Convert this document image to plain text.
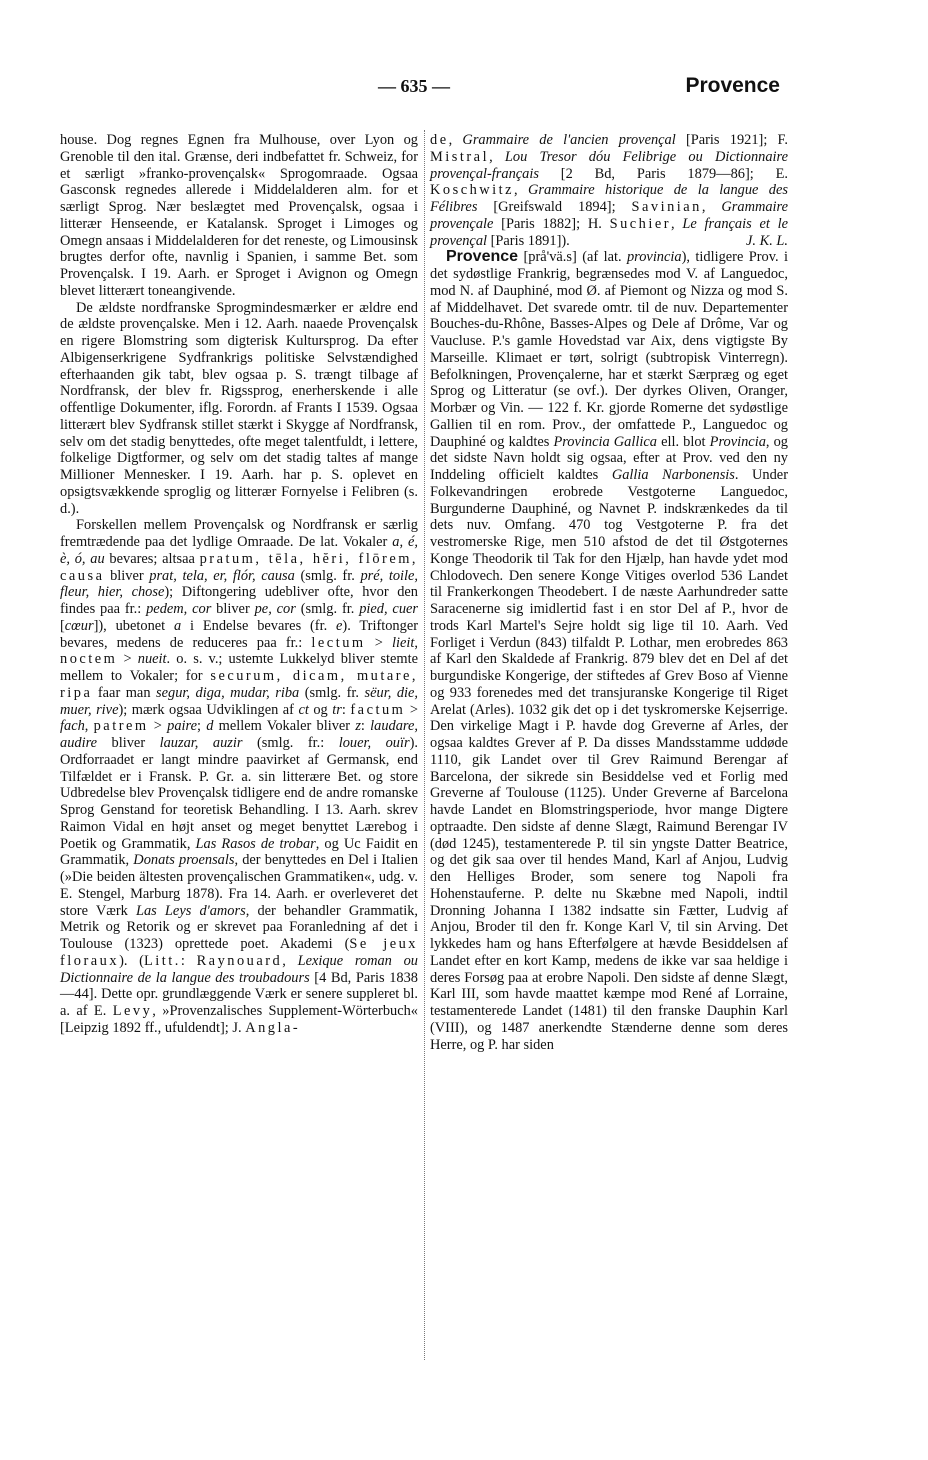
— 635 —	Provence

house. Dog regnes Egnen fra Mulhouse, over Lyon og Grenoble til den ital. Grænse, deri indbefattet fr. Schweiz, for et særligt »franko-provençalsk« Sprogomraade. Ogsaa Gasconsk regnedes allerede i Middelalderen alm. for et særligt Sprog. Nær beslægtet med Provençalsk, ogsaa i litterær Henseende, er Katalansk. Sproget i Limoges og Omegn ansaas i Middelalderen for det reneste, og Limousinsk brugtes derfor ofte, navnlig i Spanien, i samme Bet. som Provençalsk. I 19. Aarh. er Sproget i Avignon og Omegn blevet litterært toneangivende.

De ældste nordfranske Sprogmindesmærker er ældre end de ældste provençalske. Men i 12. Aarh. naaede Provençalsk en rigere Blomstring som digterisk Kultursprog. Da efter Albigenserkrigene Sydfrankrigs politiske Selvstændighed efterhaanden gik tabt, blev ogsaa p. S. trængt tilbage af Nordfransk, der blev fr. Rigssprog, enerherskende i alle offentlige Dokumenter, iflg. Forordn. af Frants I 1539. Ogsaa litterært blev Sydfransk stillet stærkt i Skygge af Nordfransk, selv om det stadig benyttedes, ofte meget talentfuldt, i lettere, folkelige Digtformer, og selv om det stadig taltes af mange Millioner Mennesker. I 19. Aarh. har p. S. oplevet en opsigtsvækkende sproglig og litterær Fornyelse i Felibren (s. d.).

Forskellen mellem Provençalsk og Nordfransk er særlig fremtrædende paa det lydlige Omraade. De lat. Vokaler a, é, è, ó, au bevares; altsaa pratum, tēla, hĕri, flōrem, causa bliver prat, tela, er, flór, causa (smlg. fr. pré, toile, fleur, hier, chose); Diftongering udebliver ofte, hvor den findes paa fr.: pedem, cor bliver pe, cor (smlg. fr. pied, cuer [cœur]), ubetonet a i Endelse bevares (fr. e). Triftonger bevares, medens de reduceres paa fr.: lectum > lieit, noctem > nueit. o. s. v.; ustemte Lukkelyd bliver stemte mellem to Vokaler; for securum, dicam, mutare, ripa faar man segur, diga, mudar, riba (smlg. fr. sëur, die, muer, rive); mærk ogsaa Udviklingen af ct og tr: factum > fach, patrem > paire; d mellem Vokaler bliver z: laudare, audire bliver lauzar, auzir (smlg. fr.: louer, ouïr). Ordforraadet er langt mindre paavirket af Germansk, end Tilfældet er i Fransk. P. Gr. a. sin litterære Bet. og store Udbredelse blev Provençalsk tidligere end de andre romanske Sprog Genstand for teoretisk Behandling. I 13. Aarh. skrev Raimon Vidal en højt anset og meget benyttet Lærebog i Poetik og Grammatik, Las Rasos de trobar, og Uc Faidit en Grammatik, Donats proensals, der benyttedes en Del i Italien (»Die beiden ältesten provençalischen Grammatiken«, udg. v. E. Stengel, Marburg 1878). Fra 14. Aarh. er overleveret det store Værk Las Leys d'amors, der behandler Grammatik, Metrik og Retorik og er skrevet paa Foranledning af det i Toulouse (1323) oprettede poet. Akademi (Se jeux floraux). (Litt.: Raynouard, Lexique roman ou Dictionnaire de la langue des troubadours [4 Bd, Paris 1838—44]. Dette opr. grundlæggende Værk er senere suppleret bl. a. af E. Levy, »Provenzalisches Supplement-Wörterbuch« [Leipzig 1892 ff., ufuldendt]; J. Angla-

de, Grammaire de l'ancien provençal [Paris 1921]; F. Mistral, Lou Tresor dóu Felibrige ou Dictionnaire provençal-français [2 Bd, Paris 1879—86]; E. Koschwitz, Grammaire historique de la langue des Félibres [Greifswald 1894]; Savinian, Grammaire provençale [Paris 1882]; H. Suchier, Le français et le provençal [Paris 1891]).	J. K. L.

Provence [prå'vä.s] (af lat. provincia), tidligere Prov. i det sydøstlige Frankrig, begrænsedes mod V. af Languedoc, mod N. af Dauphiné, mod Ø. af Piemont og Nizza og mod S. af Middelhavet. Det svarede omtr. til de nuv. Departementer Bouches-du-Rhône, Basses-Alpes og Dele af Drôme, Var og Vaucluse. P.'s gamle Hovedstad var Aix, dens vigtigste By Marseille. Klimaet er tørt, solrigt (subtropisk Vinterregn). Befolkningen, Provençalerne, har et stærkt Særpræg og eget Sprog og Litteratur (se ovf.). Der dyrkes Oliven, Oranger, Morbær og Vin. — 122 f. Kr. gjorde Romerne det sydøstlige Gallien til en rom. Prov., der omfattede P., Languedoc og Dauphiné og kaldtes Provincia Gallica ell. blot Provincia, og det sidste Navn holdt sig ogsaa, efter at Prov. ved den ny Inddeling officielt kaldtes Gallia Narbonensis. Under Folkevandringen erobrede Vestgoterne Languedoc, Burgunderne Dauphiné, og Navnet P. indskrænkedes da til dets nuv. Omfang. 470 tog Vestgoterne P. fra det vestromerske Rige, men 510 afstod de det til Østgoternes Konge Theodorik til Tak for den Hjælp, han havde ydet mod Chlodovech. Den senere Konge Vitiges overlod 536 Landet til Frankerkongen Theodebert. I de næste Aarhundreder satte Saracenerne sig imidlertid fast i en stor Del af P., hvor de trods Karl Martel's Sejre holdt sig lige til 10. Aarh. Ved Forliget i Verdun (843) tilfaldt P. Lothar, men erobredes 863 af Karl den Skaldede af Frankrig. 879 blev det en Del af det burgundiske Kongerige, der stiftedes af Grev Boso af Vienne og 933 forenedes med det transjuranske Kongerige til Riget Arelat (Arles). 1032 gik det op i det tyskromerske Kejserrige. Den virkelige Magt i P. havde dog Greverne af Arles, der ogsaa kaldtes Grever af P. Da disses Mandsstamme uddøde 1110, gik Landet over til Grev Raimund Berengar af Barcelona, der sikrede sin Besiddelse ved et Forlig med Greverne af Toulouse (1125). Under Greverne af Barcelona havde Landet en Blomstringsperiode, hvor mange Digtere optraadte. Den sidste af denne Slægt, Raimund Berengar IV (død 1245), testamenterede P. til sin yngste Datter Beatrice, og det gik saa over til hendes Mand, Karl af Anjou, Ludvig den Helliges Broder, som senere tog Napoli fra Hohenstauferne. P. delte nu Skæbne med Napoli, indtil Dronning Johanna I 1382 indsatte sin Fætter, Ludvig af Anjou, Broder til den fr. Konge Karl V, til sin Arving. Det lykkedes ham og hans Efterfølgere at hævde Besiddelsen af Landet efter en kort Kamp, medens de ikke var saa heldige i deres Forsøg paa at erobre Napoli. Den sidste af denne Slægt, Karl III, som havde maattet kæmpe mod René af Lorraine, testamenterede Landet (1481) til den franske Dauphin Karl (VIII), og 1487 anerkendte Stænderne denne som deres Herre, og P. har siden
